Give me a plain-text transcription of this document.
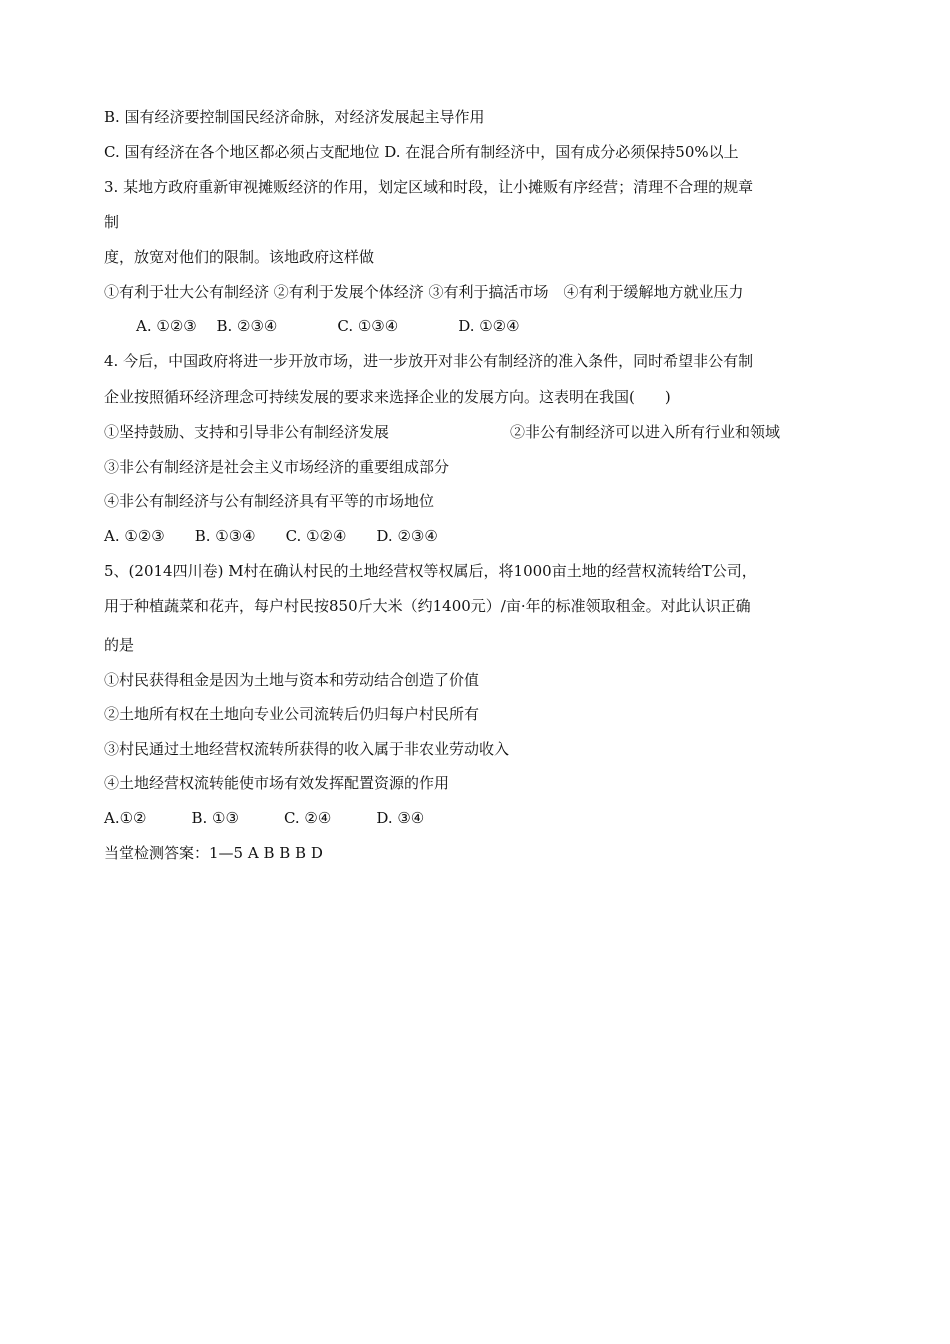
B. 国有经济要控制国民经济命脉，对经济发展起主导作用
C. 国有经济在各个地区都必须占支配地位 D. 在混合所有制经济中，国有成分必须保持50%以上
3. 某地方政府重新审视摊贩经济的作用，划定区域和时段，让小摊贩有序经营；清理不合理的规章
制
度，放宽对他们的限制。该地政府这样做
①有利于壮大公有制经济 ②有利于发展个体经济 ③有利于搞活市场　④有利于缓解地方就业压力
A. ①②③　 B. ②③④　　　　C. ①③④　　　　D. ①②④
4. 今后，中国政府将进一步开放市场，进一步放开对非公有制经济的准入条件，同时希望非公有制
企业按照循环经济理念可持续发展的要求来选择企业的发展方向。这表明在我国(　　)
①坚持鼓励、支持和引导非公有制经济发展	②非公有制经济可以进入所有行业和领域
③非公有制经济是社会主义市场经济的重要组成部分
④非公有制经济与公有制经济具有平等的市场地位
A. ①②③　　B. ①③④　　C. ①②④　　D. ②③④
5、(2014四川卷) M村在确认村民的土地经营权等权属后，将1000亩土地的经营权流转给T公司，
用于种植蔬菜和花卉，每户村民按850斤大米（约1400元）/亩·年的标准领取租金。对此认识正确
的是
①村民获得租金是因为土地与资本和劳动结合创造了价值
②土地所有权在土地向专业公司流转后仍归每户村民所有
③村民通过土地经营权流转所获得的收入属于非农业劳动收入
④土地经营权流转能使市场有效发挥配置资源的作用
A.①②　　　B. ①③　　　C. ②④　　　D. ③④
当堂检测答案：1—5 A B B B D
